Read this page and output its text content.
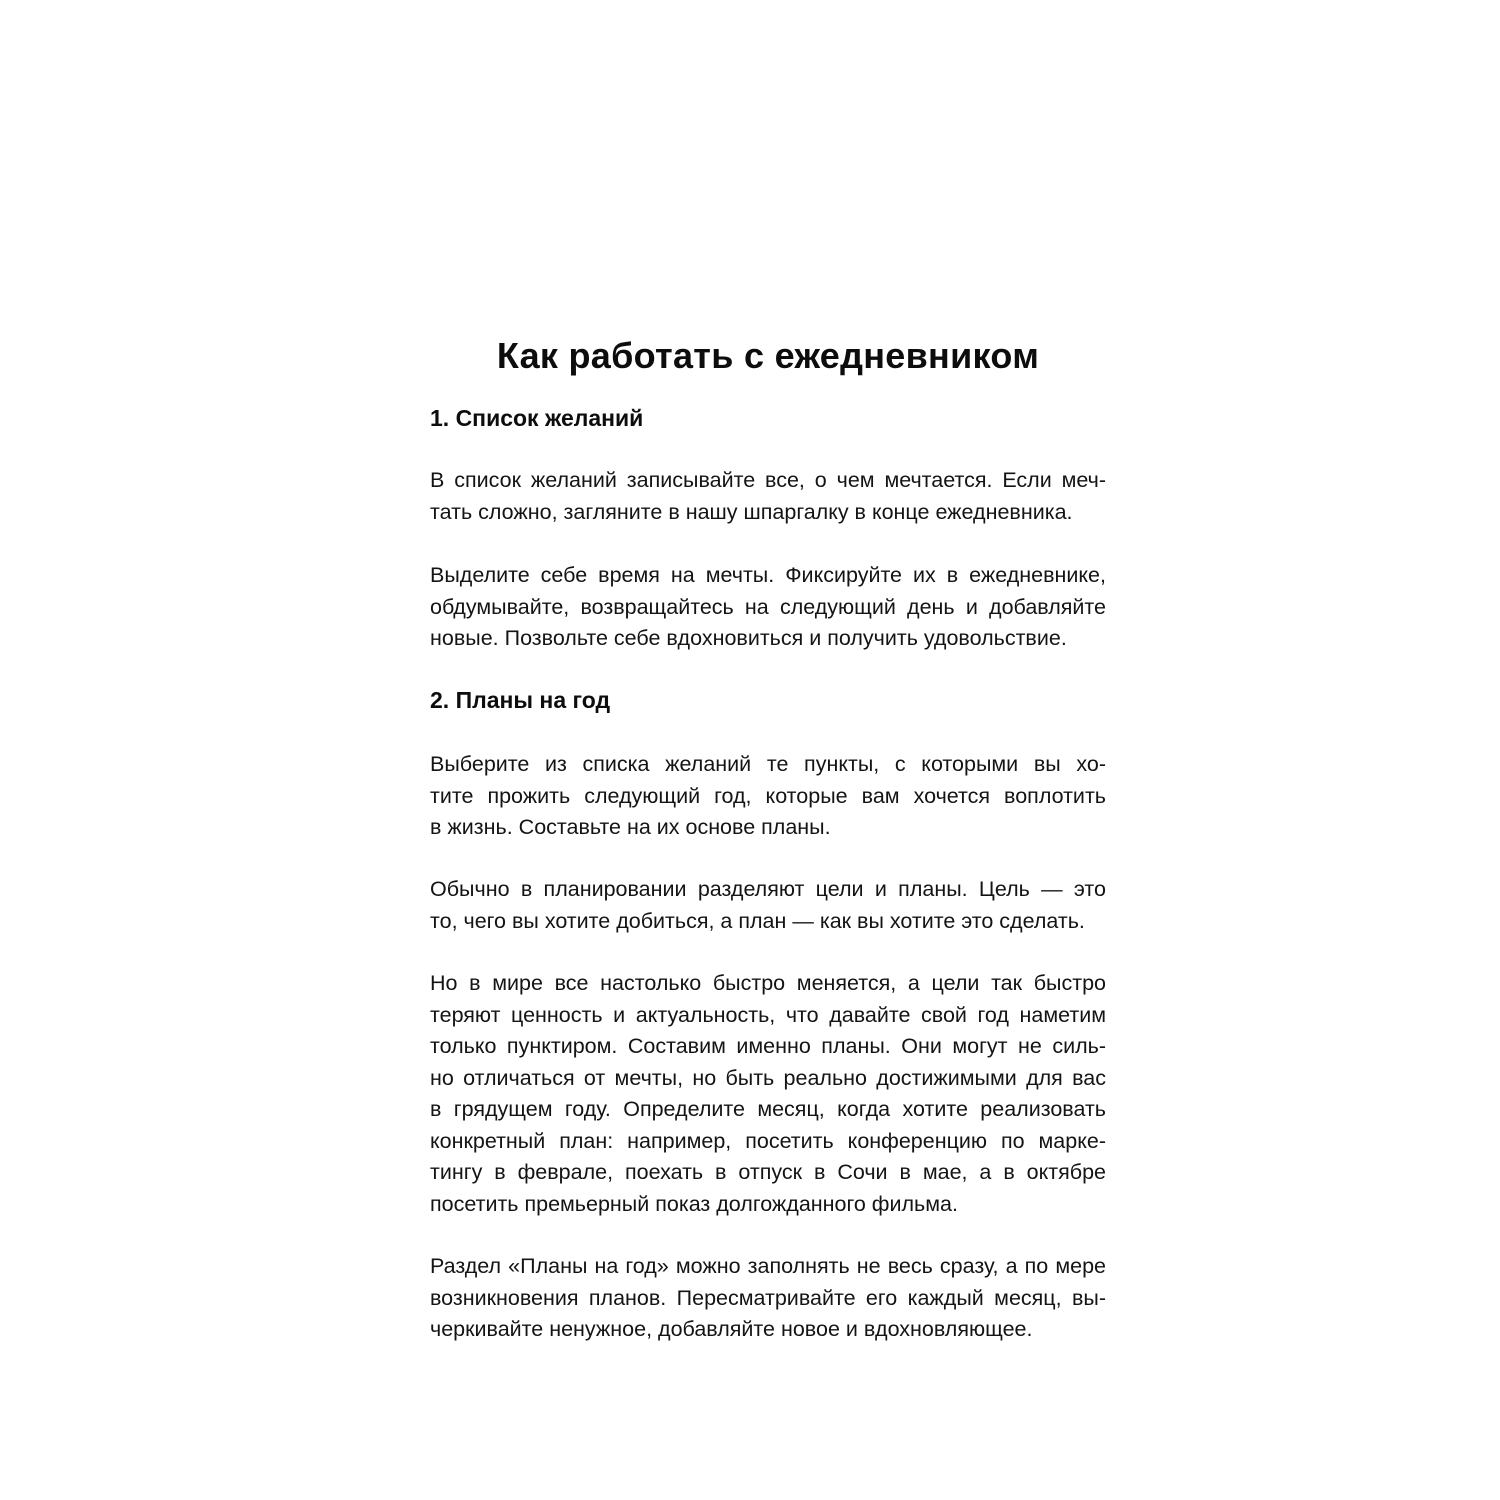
Как работать с ежедневником
1. Список желаний
В список желаний записывайте все, о чем мечтается. Если меч-
тать сложно, загляните в нашу шпаргалку в конце ежедневника.
Выделите себе время на мечты. Фиксируйте их в ежедневнике,
обдумывайте, возвращайтесь на следующий день и добавляйте
новые. Позвольте себе вдохновиться и получить удовольствие.
2. Планы на год
Выберите из списка желаний те пункты, с которыми вы хо-
тите прожить следующий год, которые вам хочется воплотить
в жизнь. Составьте на их основе планы.
Обычно в планировании разделяют цели и планы. Цель — это
то, чего вы хотите добиться, а план — как вы хотите это сделать.
Но в мире все настолько быстро меняется, а цели так быстро
теряют ценность и актуальность, что давайте свой год наметим
только пунктиром. Составим именно планы. Они могут не силь-
но отличаться от мечты, но быть реально достижимыми для вас
в грядущем году. Определите месяц, когда хотите реализовать
конкретный план: например, посетить конференцию по марке-
тингу в феврале, поехать в отпуск в Сочи в мае, а в октябре
посетить премьерный показ долгожданного фильма.
Раздел «Планы на год» можно заполнять не весь сразу, а по мере
возникновения планов. Пересматривайте его каждый месяц, вы-
черкивайте ненужное, добавляйте новое и вдохновляющее.
